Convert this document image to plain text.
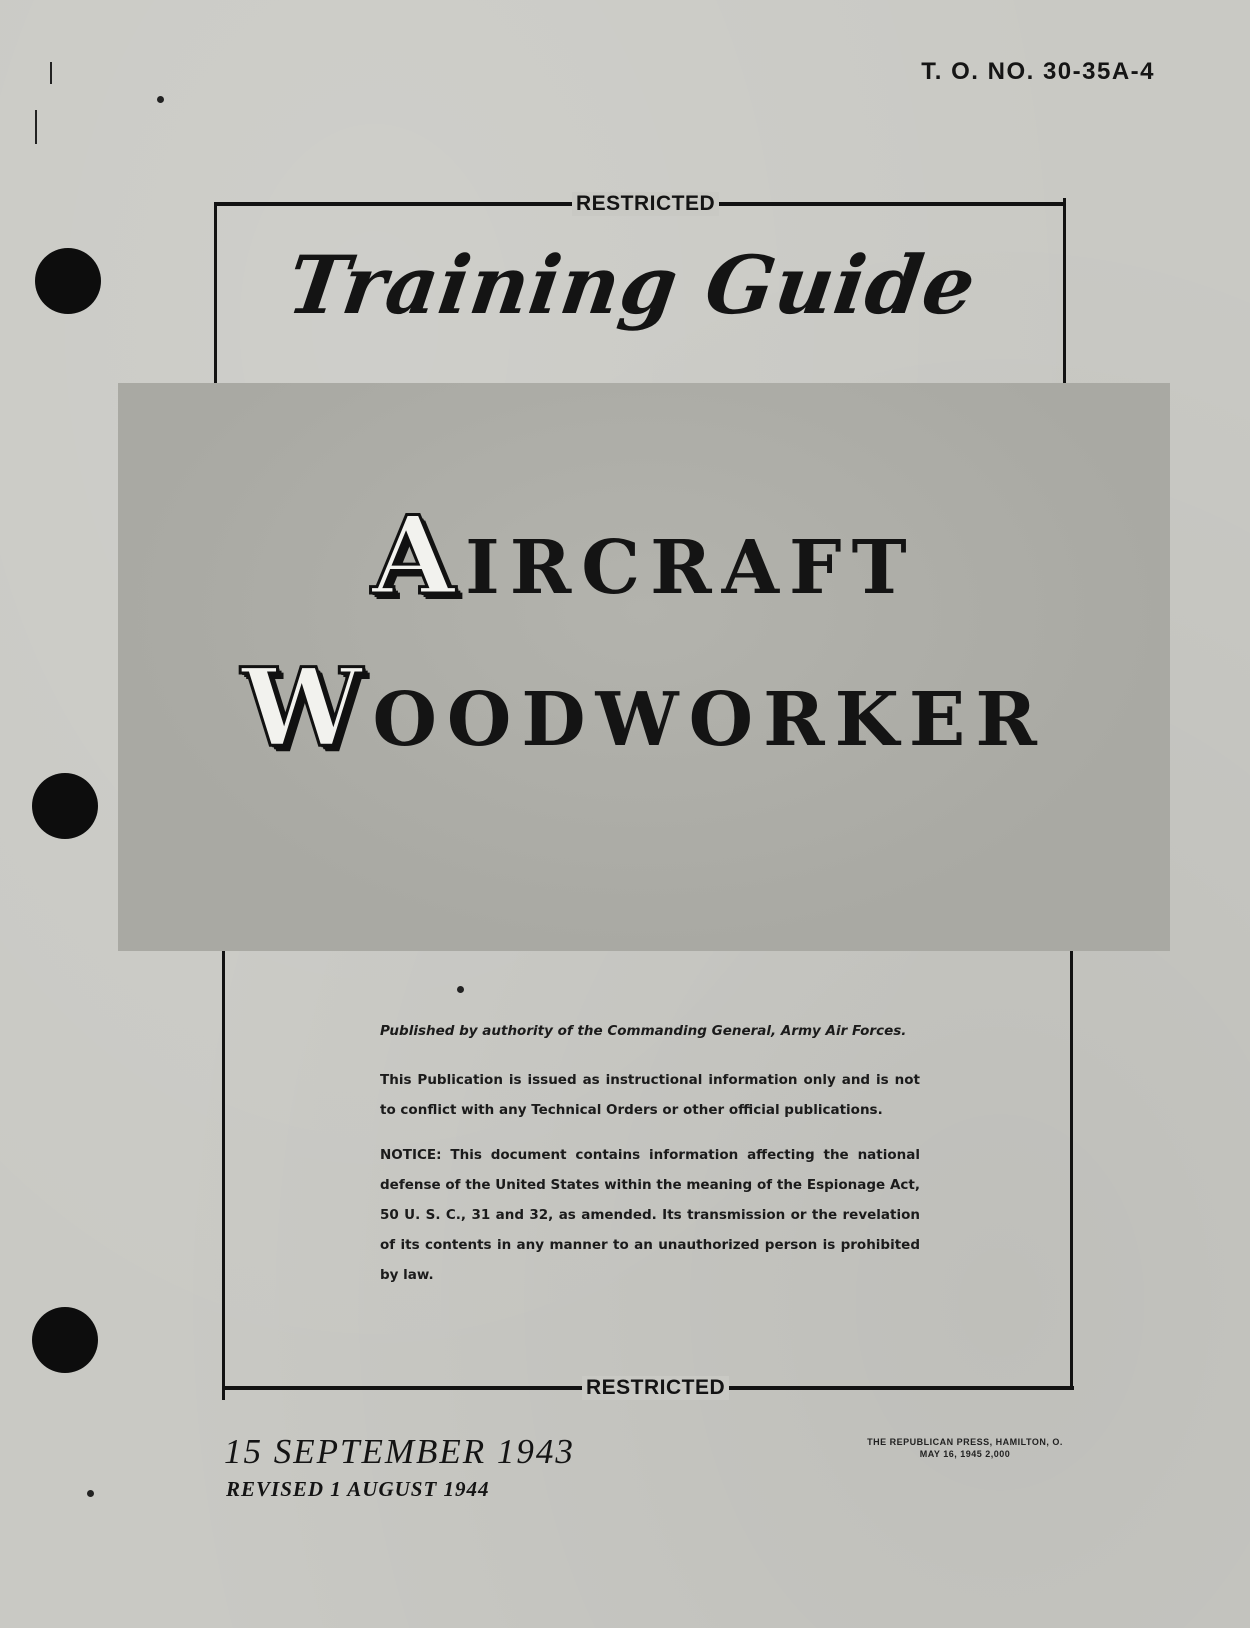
T. O. NO. 30-35A-4
RESTRICTED
RESTRICTED
Training Guide
AIRCRAFT
WOODWORKER
Published by authority of the Commanding General, Army Air Forces.
This Publication is issued as instructional information only and is not to conflict with any Technical Orders or other official publications.
NOTICE: This document contains information affecting the national defense of the United States within the meaning of the Espionage Act, 50 U. S. C., 31 and 32, as amended. Its transmission or the revelation of its contents in any manner to an unauthorized person is prohibited by law.
15 SEPTEMBER 1943
REVISED 1 AUGUST 1944
THE REPUBLICAN PRESS, HAMILTON, O.
MAY 16, 1945 2,000
